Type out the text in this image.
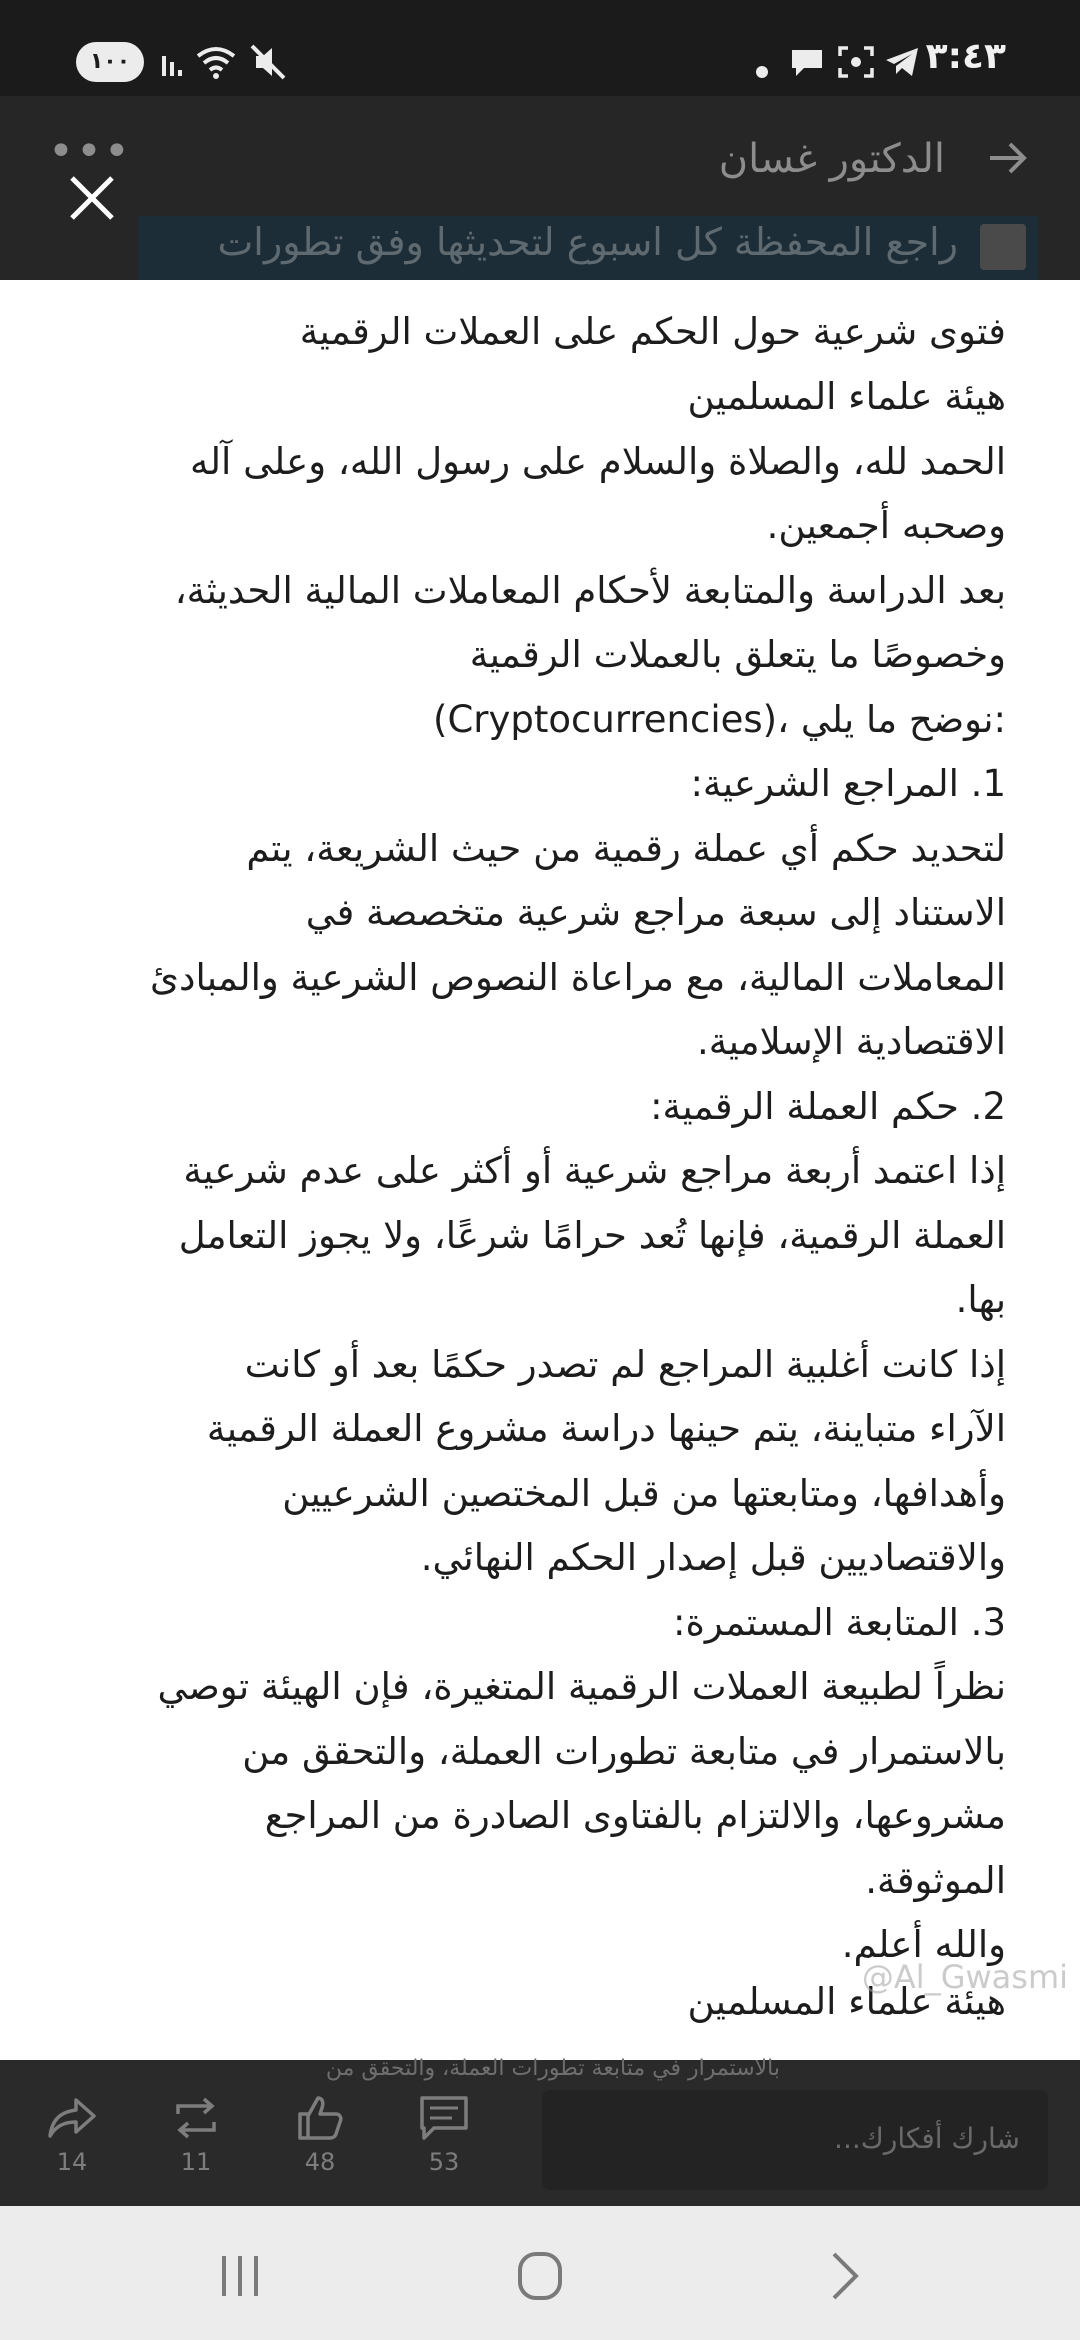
١٠٠	٣:٤٣
•••	الدكتور غسان
راجع المحفظة كل اسبوع لتحديثها وفق تطورات
فتوى شرعية حول الحكم على العملات الرقمية
هيئة علماء المسلمين
الحمد لله، والصلاة والسلام على رسول الله، وعلى آله
وصحبه أجمعين.
بعد الدراسة والمتابعة لأحكام المعاملات المالية الحديثة،
وخصوصًا ما يتعلق بالعملات الرقمية
(Cryptocurrencies)، نوضح ما يلي:
1. المراجع الشرعية:
لتحديد حكم أي عملة رقمية من حيث الشريعة، يتم
الاستناد إلى سبعة مراجع شرعية متخصصة في
المعاملات المالية، مع مراعاة النصوص الشرعية والمبادئ
الاقتصادية الإسلامية.
2. حكم العملة الرقمية:
إذا اعتمد أربعة مراجع شرعية أو أكثر على عدم شرعية
العملة الرقمية، فإنها تُعد حرامًا شرعًا، ولا يجوز التعامل
بها.
إذا كانت أغلبية المراجع لم تصدر حكمًا بعد أو كانت
الآراء متباينة، يتم حينها دراسة مشروع العملة الرقمية
وأهدافها، ومتابعتها من قبل المختصين الشرعيين
والاقتصاديين قبل إصدار الحكم النهائي.
3. المتابعة المستمرة:
نظراً لطبيعة العملات الرقمية المتغيرة، فإن الهيئة توصي
بالاستمرار في متابعة تطورات العملة، والتحقق من
مشروعها، والالتزام بالفتاوى الصادرة من المراجع
الموثوقة.
والله أعلم.
هيئة علماء المسلمين
@Al_Gwasmi
بالاستمرار في متابعة تطورات العملة، والتحقق من
14	11	48	53
شارك أفكارك...
